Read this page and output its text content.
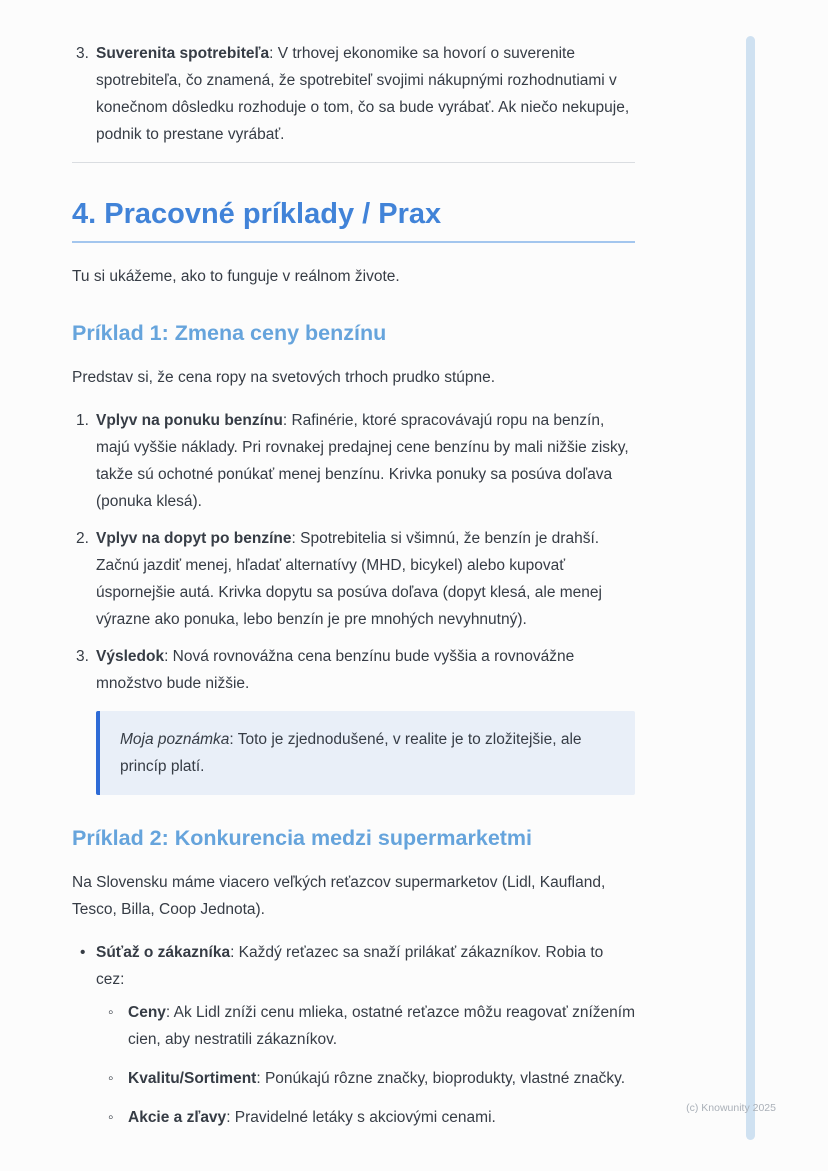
3. Suverenita spotrebiteľa: V trhovej ekonomike sa hovorí o suverenite spotrebiteľa, čo znamená, že spotrebiteľ svojimi nákupnými rozhodnutiami v konečnom dôsledku rozhoduje o tom, čo sa bude vyrábať. Ak niečo nekupuje, podnik to prestane vyrábať.
4. Pracovné príklady / Prax

Tu si ukážeme, ako to funguje v reálnom živote.

Príklad 1: Zmena ceny benzínu

Predstav si, že cena ropy na svetových trhoch prudko stúpne.

1. Vplyv na ponuku benzínu: Rafinérie, ktoré spracovávajú ropu na benzín, majú vyššie náklady. Pri rovnakej predajnej cene benzínu by mali nižšie zisky, takže sú ochotné ponúkať menej benzínu. Krivka ponuky sa posúva doľava (ponuka klesá).
2. Vplyv na dopyt po benzíne: Spotrebitelia si všimnú, že benzín je drahší. Začnú jazdiť menej, hľadať alternatívy (MHD, bicykel) alebo kupovať úspornejšie autá. Krivka dopytu sa posúva doľava (dopyt klesá, ale menej výrazne ako ponuka, lebo benzín je pre mnohých nevyhnutný).
3. Výsledok: Nová rovnovážna cena benzínu bude vyššia a rovnovážne množstvo bude nižšie.

Moja poznámka: Toto je zjednodušené, v realite je to zložitejšie, ale princíp platí.

Príklad 2: Konkurencia medzi supermarketmi

Na Slovensku máme viacero veľkých reťazcov supermarketov (Lidl, Kaufland, Tesco, Billa, Coop Jednota).

•
Súťaž o zákazníka: Každý reťazec sa snaží prilákať zákazníkov. Robia to cez:
◦
Ceny: Ak Lidl zníži cenu mlieka, ostatné reťazce môžu reagovať znížením cien, aby nestratili zákazníkov.
◦
Kvalitu/Sortiment: Ponúkajú rôzne značky, bioprodukty, vlastné značky.
◦
Akcie a zľavy: Pravidelné letáky s akciovými cenami.
(c) Knowunity 2025
